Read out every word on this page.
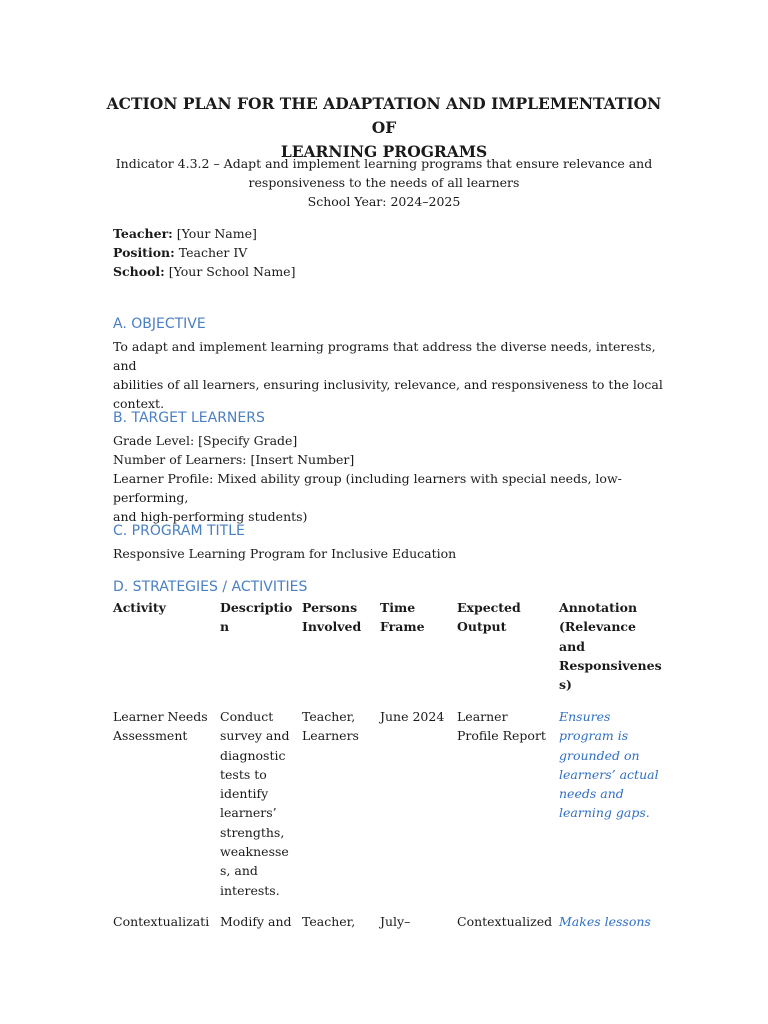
ACTION PLAN FOR THE ADAPTATION AND IMPLEMENTATION OF
LEARNING PROGRAMS

Indicator 4.3.2 – Adapt and implement learning programs that ensure relevance and
responsiveness to the needs of all learners
School Year: 2024–2025

Teacher: [Your Name]
Position: Teacher IV
School: [Your School Name]
A. OBJECTIVE

To adapt and implement learning programs that address the diverse needs, interests, and
abilities of all learners, ensuring inclusivity, relevance, and responsiveness to the local
context.

B. TARGET LEARNERS

Grade Level: [Specify Grade]
Number of Learners: [Insert Number]
Learner Profile: Mixed ability group (including learners with special needs, low-performing,
and high-performing students)

C. PROGRAM TITLE

Responsive Learning Program for Inclusive Education

D. STRATEGIES / ACTIVITIES
Activity	Descriptio
n
Persons
Involved
Time
Frame
Expected
Output
Annotation
(Relevance
and
Responsivenes
s)
Learner Needs
Assessment
Conduct
survey and
diagnostic
tests to
identify
learners’
strengths,
weaknesse
s, and
interests.
Teacher,
Learners
June 2024 Learner
Profile Report
Ensures
program is
grounded on
learners’ actual
needs and
learning gaps.
Contextualizati Modify and Teacher, July–	Contextualized Makes lessons
